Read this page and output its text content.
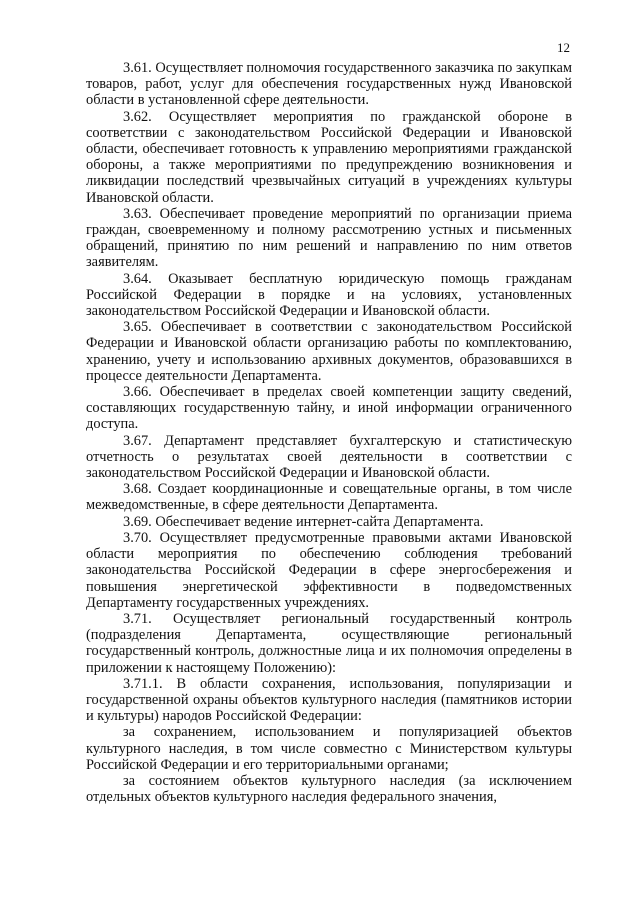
12

3.61. Осуществляет полномочия государственного заказчика по закупкам товаров, работ, услуг для обеспечения государственных нужд Ивановской области в установленной сфере деятельности.

3.62. Осуществляет мероприятия по гражданской обороне в соответствии с законодательством Российской Федерации и Ивановской области, обеспечивает готовность к управлению мероприятиями гражданской обороны, а также мероприятиями по предупреждению возникновения и ликвидации последствий чрезвычайных ситуаций в учреждениях культуры Ивановской области.

3.63. Обеспечивает проведение мероприятий по организации приема граждан, своевременному и полному рассмотрению устных и письменных обращений, принятию по ним решений и направлению по ним ответов заявителям.

3.64. Оказывает бесплатную юридическую помощь гражданам Российской Федерации в порядке и на условиях, установленных законодательством Российской Федерации и Ивановской области.

3.65. Обеспечивает в соответствии с законодательством Российской Федерации и Ивановской области организацию работы по комплектованию, хранению, учету и использованию архивных документов, образовавшихся в процессе деятельности Департамента.

3.66. Обеспечивает в пределах своей компетенции защиту сведений, составляющих государственную тайну, и иной информации ограниченного доступа.

3.67. Департамент представляет бухгалтерскую и статистическую отчетность о результатах своей деятельности в соответствии с законодательством Российской Федерации и Ивановской области.

3.68. Создает координационные и совещательные органы, в том числе межведомственные, в сфере деятельности Департамента.

3.69. Обеспечивает ведение интернет-сайта Департамента.

3.70. Осуществляет предусмотренные правовыми актами Ивановской области мероприятия по обеспечению соблюдения требований законодательства Российской Федерации в сфере энергосбережения и повышения энергетической эффективности в подведомственных Департаменту государственных учреждениях.

3.71. Осуществляет региональный государственный контроль (подразделения Департамента, осуществляющие региональный государственный контроль, должностные лица и их полномочия определены в приложении к настоящему Положению):

3.71.1. В области сохранения, использования, популяризации и государственной охраны объектов культурного наследия (памятников истории и культуры) народов Российской Федерации:

за сохранением, использованием и популяризацией объектов культурного наследия, в том числе совместно с Министерством культуры Российской Федерации и его территориальными органами;

за состоянием объектов культурного наследия (за исключением отдельных объектов культурного наследия федерального значения,
